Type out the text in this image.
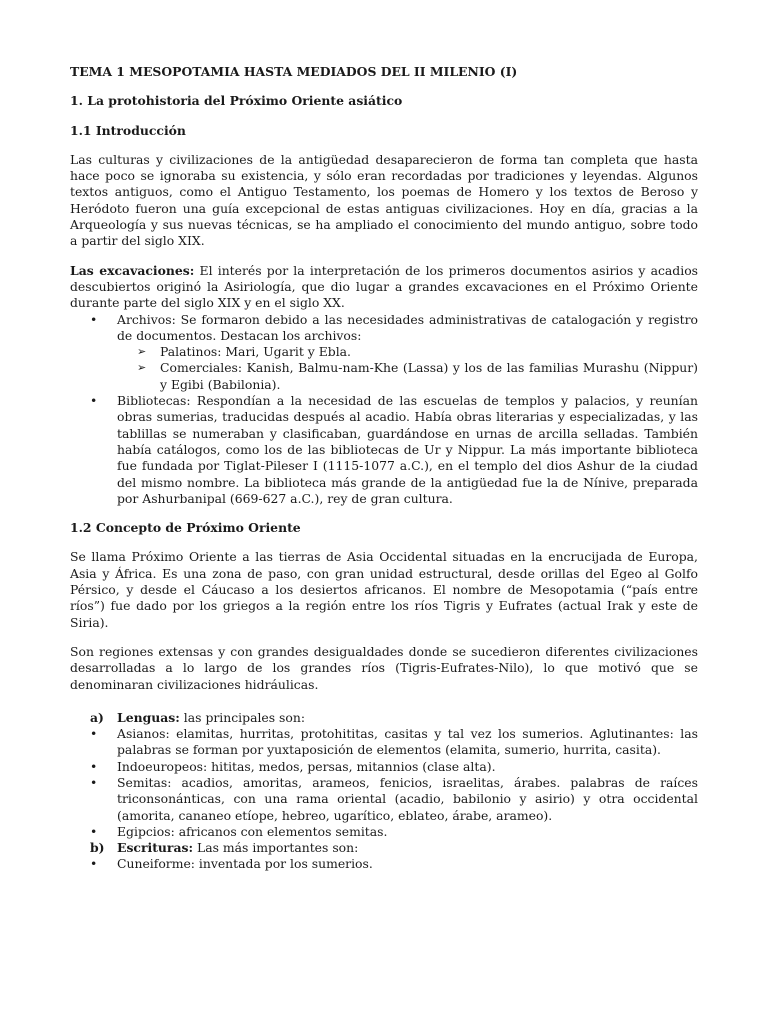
TEMA 1 MESOPOTAMIA HASTA MEDIADOS DEL II MILENIO (I)
1. La protohistoria del Próximo Oriente asiático
1.1 Introducción

Las culturas y civilizaciones de la antigüedad desaparecieron de forma tan completa que hasta hace poco se ignoraba su existencia, y sólo eran recordadas por tradiciones y leyendas. Algunos textos antiguos, como el Antiguo Testamento, los poemas de Homero y los textos de Beroso y Heródoto fueron una guía excepcional de estas antiguas civilizaciones. Hoy en día, gracias a la Arqueología y sus nuevas técnicas, se ha ampliado el conocimiento del mundo antiguo, sobre todo a partir del siglo XIX.

Las excavaciones: El interés por la interpretación de los primeros documentos asirios y acadios descubiertos originó la Asiriología, que dio lugar a grandes excavaciones en el Próximo Oriente durante parte del siglo XIX y en el siglo XX.

• Archivos: Se formaron debido a las necesidades administrativas de catalogación y registro de documentos. Destacan los archivos:
➢ Palatinos: Mari, Ugarit y Ebla.
➢ Comerciales: Kanish, Balmu-nam-Khe (Lassa) y los de las familias Murashu (Nippur) y Egibi (Babilonia).
• Bibliotecas: Respondían a la necesidad de las escuelas de templos y palacios, y reunían obras sumerias, traducidas después al acadio. Había obras literarias y especializadas, y las tablillas se numeraban y clasificaban, guardándose en urnas de arcilla selladas. También había catálogos, como los de las bibliotecas de Ur y Nippur. La más importante biblioteca fue fundada por Tiglat-Pileser I (1115-1077 a.C.), en el templo del dios Ashur de la ciudad del mismo nombre. La biblioteca más grande de la antigüedad fue la de Nínive, preparada por Ashurbanipal (669-627 a.C.), rey de gran cultura.
1.2 Concepto de Próximo Oriente

Se llama Próximo Oriente a las tierras de Asia Occidental situadas en la encrucijada de Europa, Asia y África. Es una zona de paso, con gran unidad estructural, desde orillas del Egeo al Golfo Pérsico, y desde el Cáucaso a los desiertos africanos. El nombre de Mesopotamia (“país entre ríos”) fue dado por los griegos a la región entre los ríos Tigris y Eufrates (actual Irak y este de Siria).

Son regiones extensas y con grandes desigualdades donde se sucedieron diferentes civilizaciones desarrolladas a lo largo de los grandes ríos (Tigris-Eufrates-Nilo), lo que motivó que se denominaran civilizaciones hidráulicas.

a) Lenguas: las principales son:
• Asianos: elamitas, hurritas, protohititas, casitas y tal vez los sumerios. Aglutinantes: las palabras se forman por yuxtaposición de elementos (elamita, sumerio, hurrita, casita).
• Indoeuropeos: hititas, medos, persas, mitannios (clase alta).
• Semitas: acadios, amoritas, arameos, fenicios, israelitas, árabes. palabras de raíces triconsonánticas, con una rama oriental (acadio, babilonio y asirio) y otra occidental (amorita, cananeo etíope, hebreo, ugarítico, eblateo, árabe, arameo).
• Egipcios: africanos con elementos semitas.
b) Escrituras: Las más importantes son:
• Cuneiforme: inventada por los sumerios.
